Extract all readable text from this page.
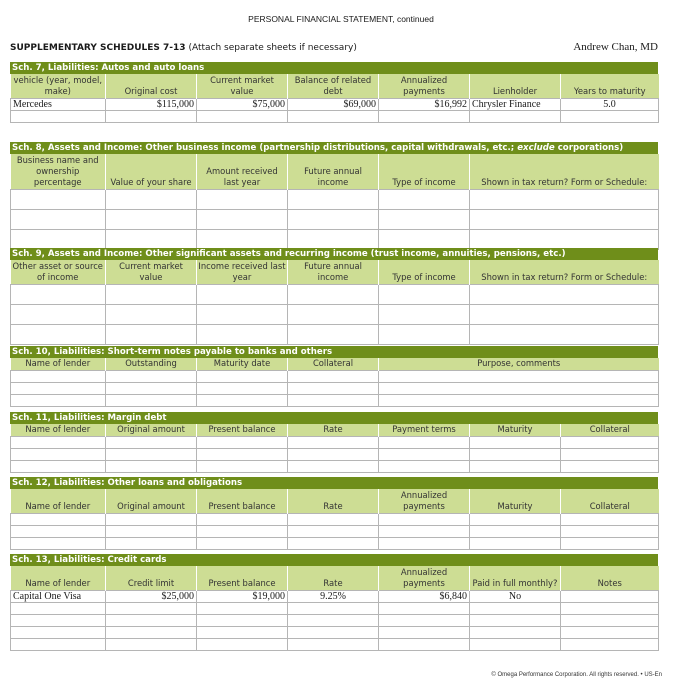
PERSONAL FINANCIAL STATEMENT, continued
SUPPLEMENTARY SCHEDULES 7-13 (Attach separate sheets if necessary)	Andrew Chan, MD
Sch. 7, Liabilities: Autos and auto loans
vehicle (year, model, make)	Original cost	Current market value	Balance of related debt	Annualized payments	Lienholder	Years to maturity
Mercedes	$115,000	$75,000	$69,000	$16,992	Chrysler Finance	5.0

Sch. 8, Assets and Income: Other business income (partnership distributions, capital withdrawals, etc.; exclude corporations)
Business name and ownership percentage	Value of your share	Amount received last year	Future annual income	Type of income	Shown in tax return? Form or Schedule:

Sch. 9, Assets and Income: Other significant assets and recurring income (trust income, annuities, pensions, etc.)
Other asset or source of income	Current market value	Income received last year	Future annual income	Type of income	Shown in tax return? Form or Schedule:

Sch. 10, Liabilities: Short-term notes payable to banks and others
Name of lender	Outstanding	Maturity date	Collateral	Purpose, comments

Sch. 11, Liabilities: Margin debt
Name of lender	Original amount	Present balance	Rate	Payment terms	Maturity	Collateral

Sch. 12, Liabilities: Other loans and obligations
Name of lender	Original amount	Present balance	Rate	Annualized payments	Maturity	Collateral

Sch. 13, Liabilities: Credit cards
Name of lender	Credit limit	Present balance	Rate	Annualized payments	Paid in full monthly?	Notes
Capital One Visa	$25,000	$19,000	9.25%	$6,840	No	

© Omega Performance Corporation. All rights reserved. • US-En
